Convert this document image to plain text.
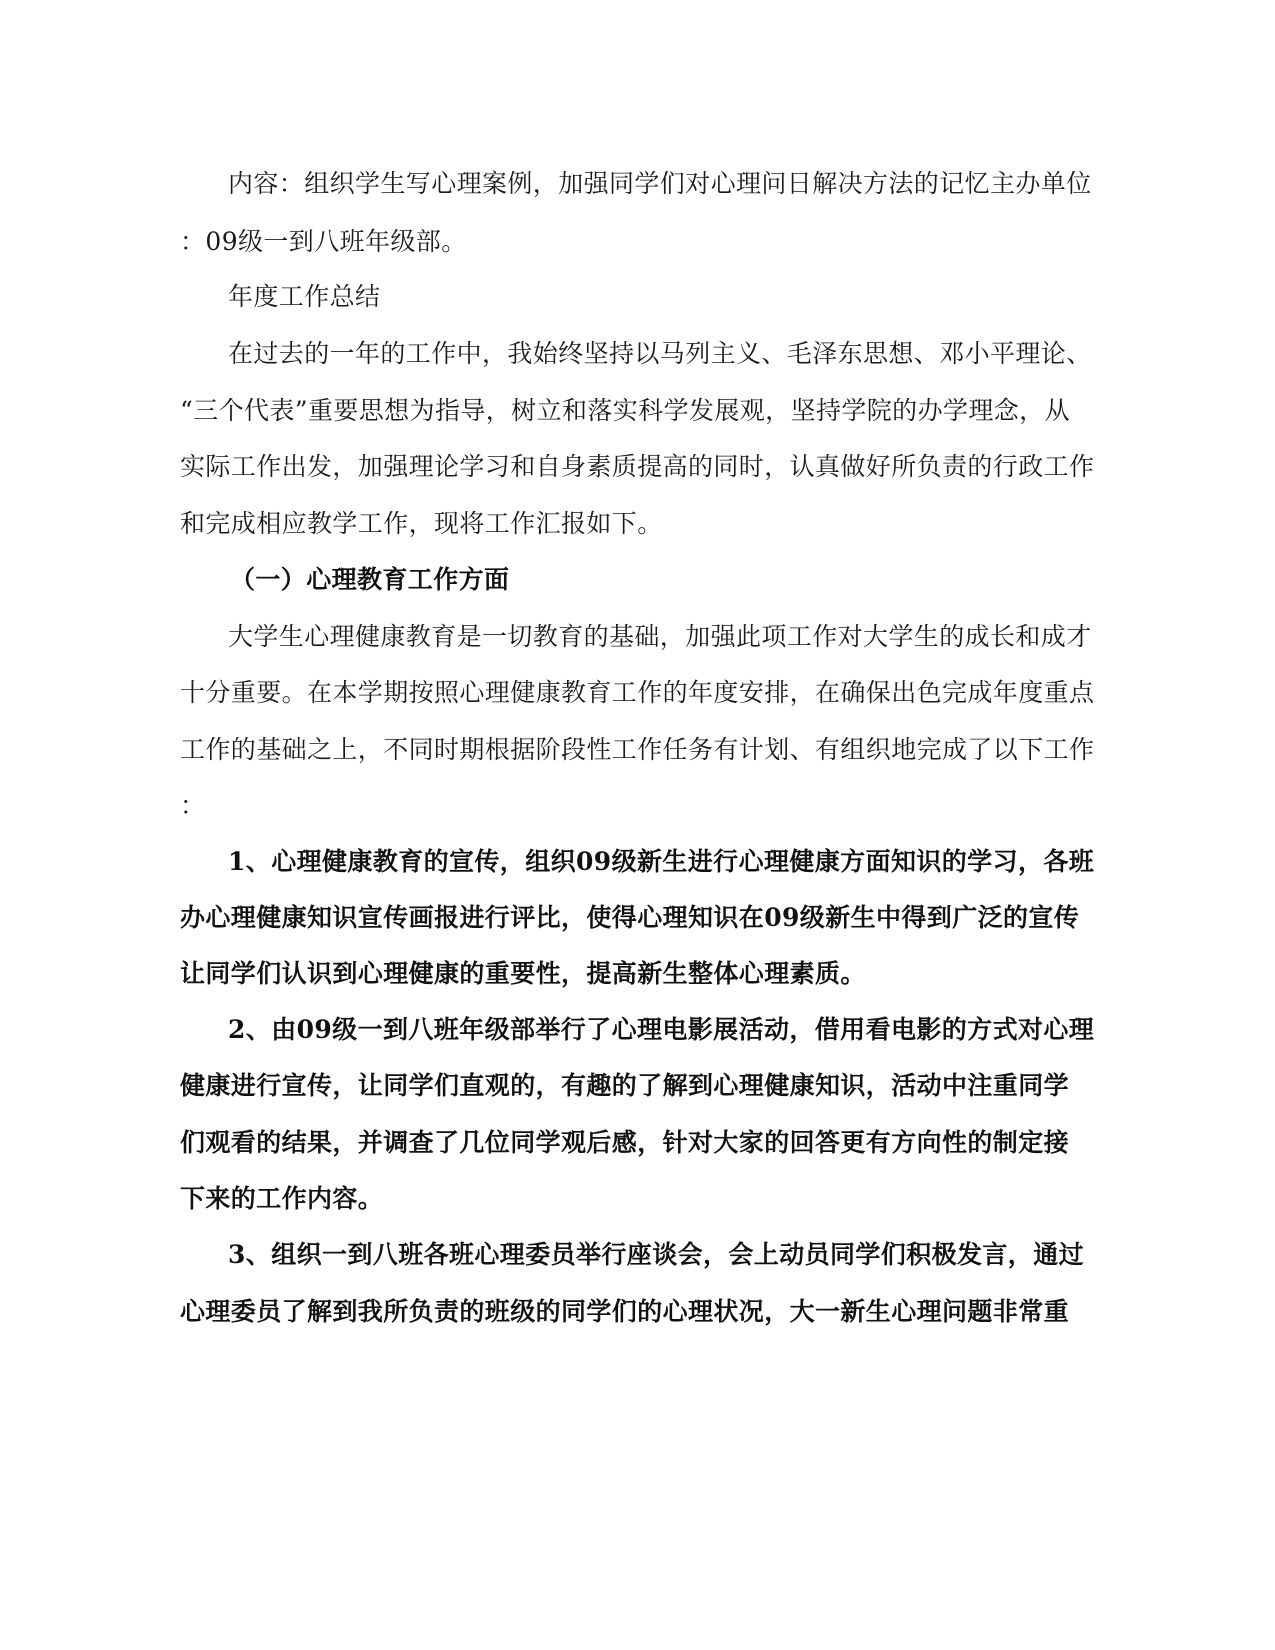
内容：组织学生写心理案例，加强同学们对心理问日解决方法的记忆主办单位
：09级一到八班年级部。
年度工作总结
在过去的一年的工作中，我始终坚持以马列主义、毛泽东思想、邓小平理论、
“三个代表”重要思想为指导，树立和落实科学发展观，坚持学院的办学理念，从
实际工作出发，加强理论学习和自身素质提高的同时，认真做好所负责的行政工作
和完成相应教学工作，现将工作汇报如下。
（一）心理教育工作方面
大学生心理健康教育是一切教育的基础，加强此项工作对大学生的成长和成才
十分重要。在本学期按照心理健康教育工作的年度安排，在确保出色完成年度重点
工作的基础之上，不同时期根据阶段性工作任务有计划、有组织地完成了以下工作
：
1、心理健康教育的宣传，组织09级新生进行心理健康方面知识的学习，各班
办心理健康知识宣传画报进行评比，使得心理知识在09级新生中得到广泛的宣传
让同学们认识到心理健康的重要性，提高新生整体心理素质。
2、由09级一到八班年级部举行了心理电影展活动，借用看电影的方式对心理
健康进行宣传，让同学们直观的，有趣的了解到心理健康知识，活动中注重同学
们观看的结果，并调查了几位同学观后感，针对大家的回答更有方向性的制定接
下来的工作内容。
3、组织一到八班各班心理委员举行座谈会，会上动员同学们积极发言，通过
心理委员了解到我所负责的班级的同学们的心理状况，大一新生心理问题非常重
